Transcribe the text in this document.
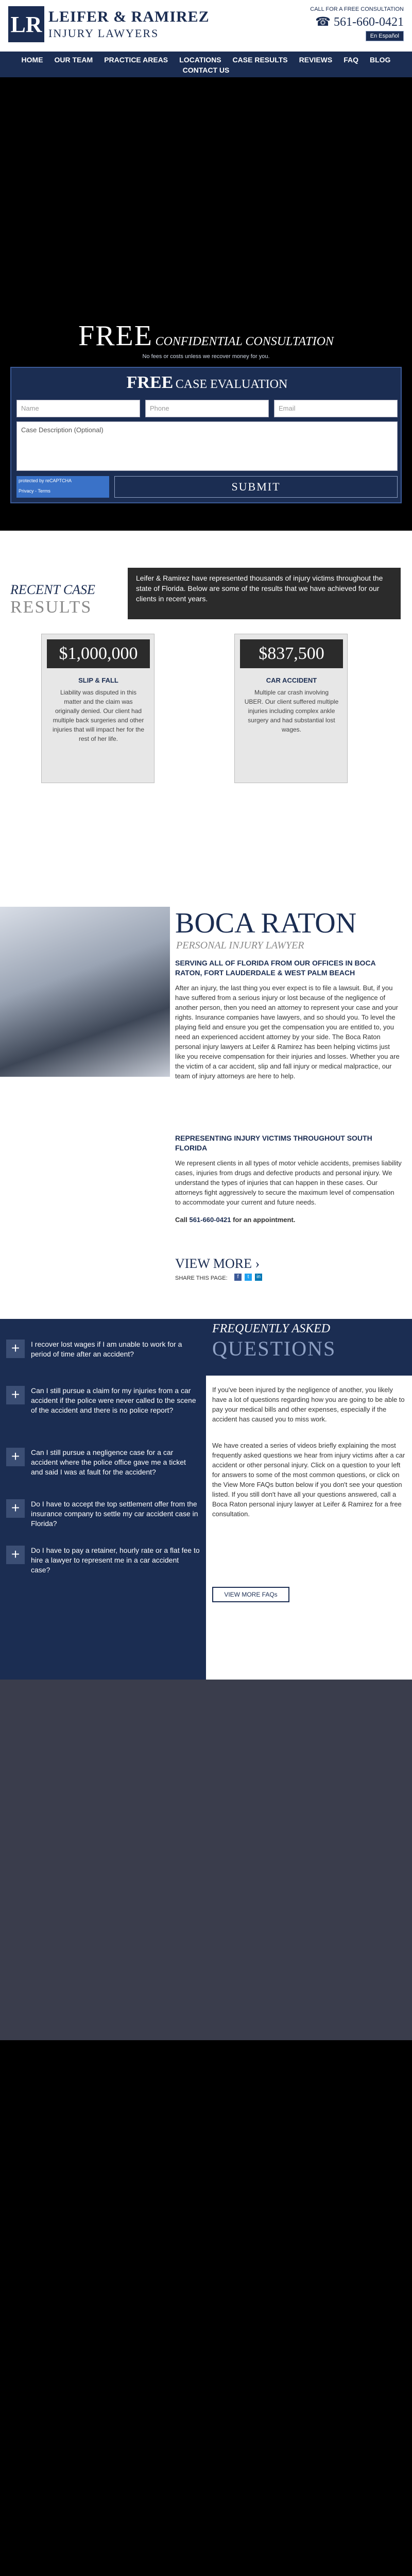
LR LEIFER & RAMIREZ
INJURY LAWYERS
CALL FOR A FREE CONSULTATION
☎ 561-660-0421
En Español
HOME OUR TEAM PRACTICE AREAS LOCATIONS CASE RESULTS REVIEWS FAQ BLOG
CONTACT US
FREE CONFIDENTIAL CONSULTATION
No fees or costs unless we recover money for you.
FREE CASE EVALUATION
Name	Phone	Email
Case Description (Optional)
protected by reCAPTCHA
Privacy - Terms	SUBMIT
RECENT CASE
RESULTS
Leifer & Ramirez have represented thousands of injury victims throughout the state of Florida. Below are some of the results that we have achieved for our clients in recent years.
$1,000,000
SLIP & FALL
Liability was disputed in this matter and the claim was originally denied. Our client had multiple back surgeries and other injuries that will impact her for the rest of her life.
$837,500
CAR ACCIDENT
Multiple car crash involving UBER. Our client suffered multiple injuries including complex ankle surgery and had substantial lost wages.
BOCA RATON
PERSONAL INJURY LAWYER
SERVING ALL OF FLORIDA FROM OUR OFFICES IN BOCA RATON, FORT LAUDERDALE & WEST PALM BEACH
After an injury, the last thing you ever expect is to file a lawsuit. But, if you have suffered from a serious injury or lost because of the negligence of another person, then you need an attorney to represent your case and your rights. Insurance companies have lawyers, and so should you. To level the playing field and ensure you get the compensation you are entitled to, you need an experienced accident attorney by your side. The Boca Raton personal injury lawyers at Leifer & Ramirez has been helping victims just like you receive compensation for their injuries and losses. Whether you are the victim of a car accident, slip and fall injury or medical malpractice, our team of injury attorneys are here to help.
REPRESENTING INJURY VICTIMS THROUGHOUT SOUTH FLORIDA
We represent clients in all types of motor vehicle accidents, premises liability cases, injuries from drugs and defective products and personal injury. We understand the types of injuries that can happen in these cases. Our attorneys fight aggressively to secure the maximum level of compensation to accommodate your current and future needs.
Call 561-660-0421 for an appointment.
VIEW MORE ›
SHARE THIS PAGE:	f	t	in
+	I recover lost wages if I am unable to work for a period of time after an accident?
+	Can I still pursue a claim for my injuries from a car accident if the police were never called to the scene of the accident and there is no police report?
+	Can I still pursue a negligence case for a car accident where the police office gave me a ticket and said I was at fault for the accident?
+	Do I have to accept the top settlement offer from the insurance company to settle my car accident case in Florida?
+	Do I have to pay a retainer, hourly rate or a flat fee to hire a lawyer to represent me in a car accident case?
FREQUENTLY ASKED
QUESTIONS
If you've been injured by the negligence of another, you likely have a lot of questions regarding how you are going to be able to pay your medical bills and other expenses, especially if the accident has caused you to miss work.
We have created a series of videos briefly explaining the most frequently asked questions we hear from injury victims after a car accident or other personal injury. Click on a question to your left for answers to some of the most common questions, or click on the View More FAQs button below if you don't see your question listed. If you still don't have all your questions answered, call a Boca Raton personal injury lawyer at Leifer & Ramirez for a free consultation.
VIEW MORE FAQs
